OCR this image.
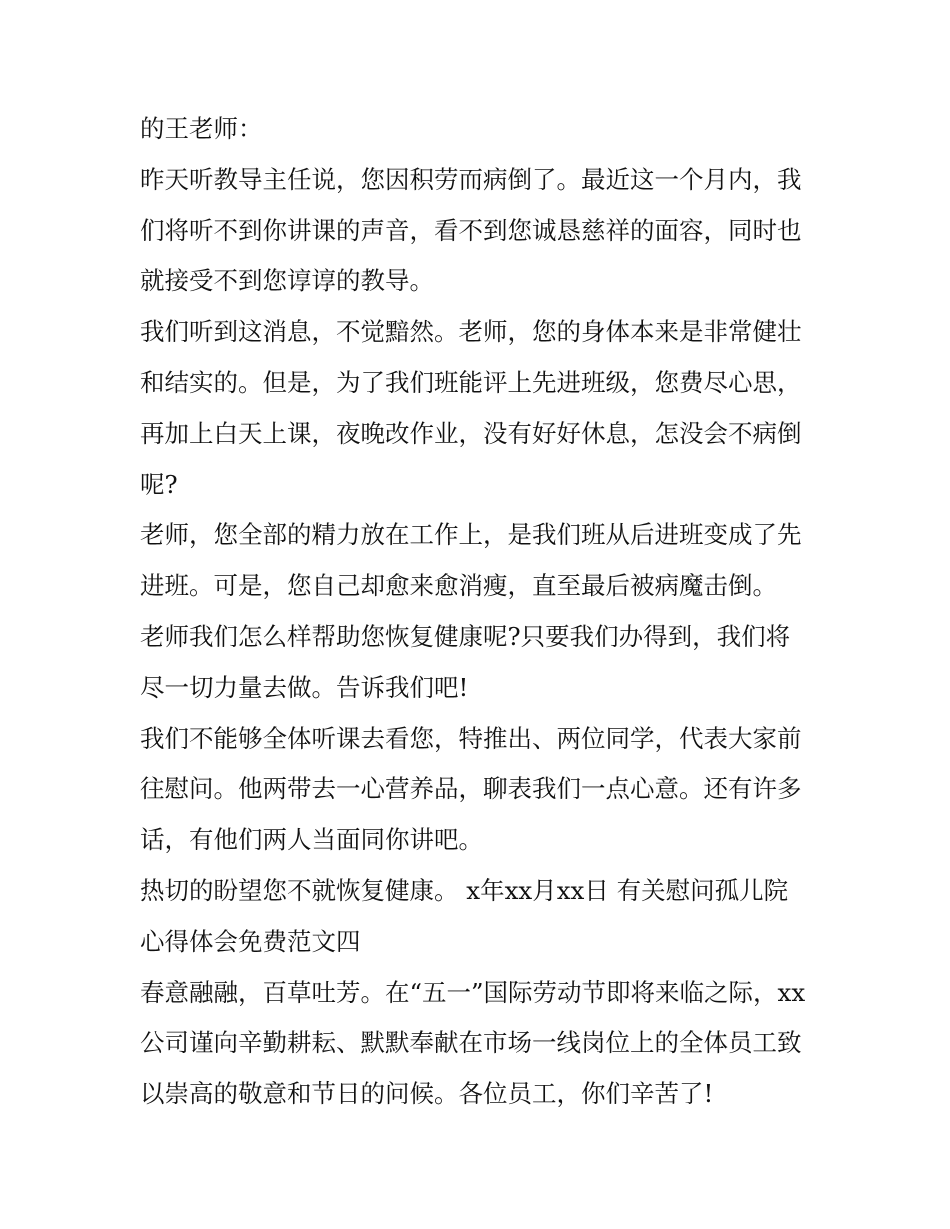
的王老师：

昨天听教导主任说，您因积劳而病倒了。最近这一个月内，我们将听不到你讲课的声音，看不到您诚恳慈祥的面容，同时也就接受不到您谆谆的教导。

我们听到这消息，不觉黯然。老师，您的身体本来是非常健壮和结实的。但是，为了我们班能评上先进班级，您费尽心思，再加上白天上课，夜晚改作业，没有好好休息，怎没会不病倒呢?

老师，您全部的精力放在工作上，是我们班从后进班变成了先进班。可是，您自己却愈来愈消瘦，直至最后被病魔击倒。

老师我们怎么样帮助您恢复健康呢?只要我们办得到，我们将尽一切力量去做。告诉我们吧!

我们不能够全体听课去看您，特推出、两位同学，代表大家前往慰问。他两带去一心营养品，聊表我们一点心意。还有许多话，有他们两人当面同你讲吧。

热切的盼望您不就恢复健康。 x年xx月xx日 有关慰问孤儿院心得体会免费范文四

春意融融，百草吐芳。在“五一”国际劳动节即将来临之际，xx公司谨向辛勤耕耘、默默奉献在市场一线岗位上的全体员工致以崇高的敬意和节日的问候。各位员工，你们辛苦了!
